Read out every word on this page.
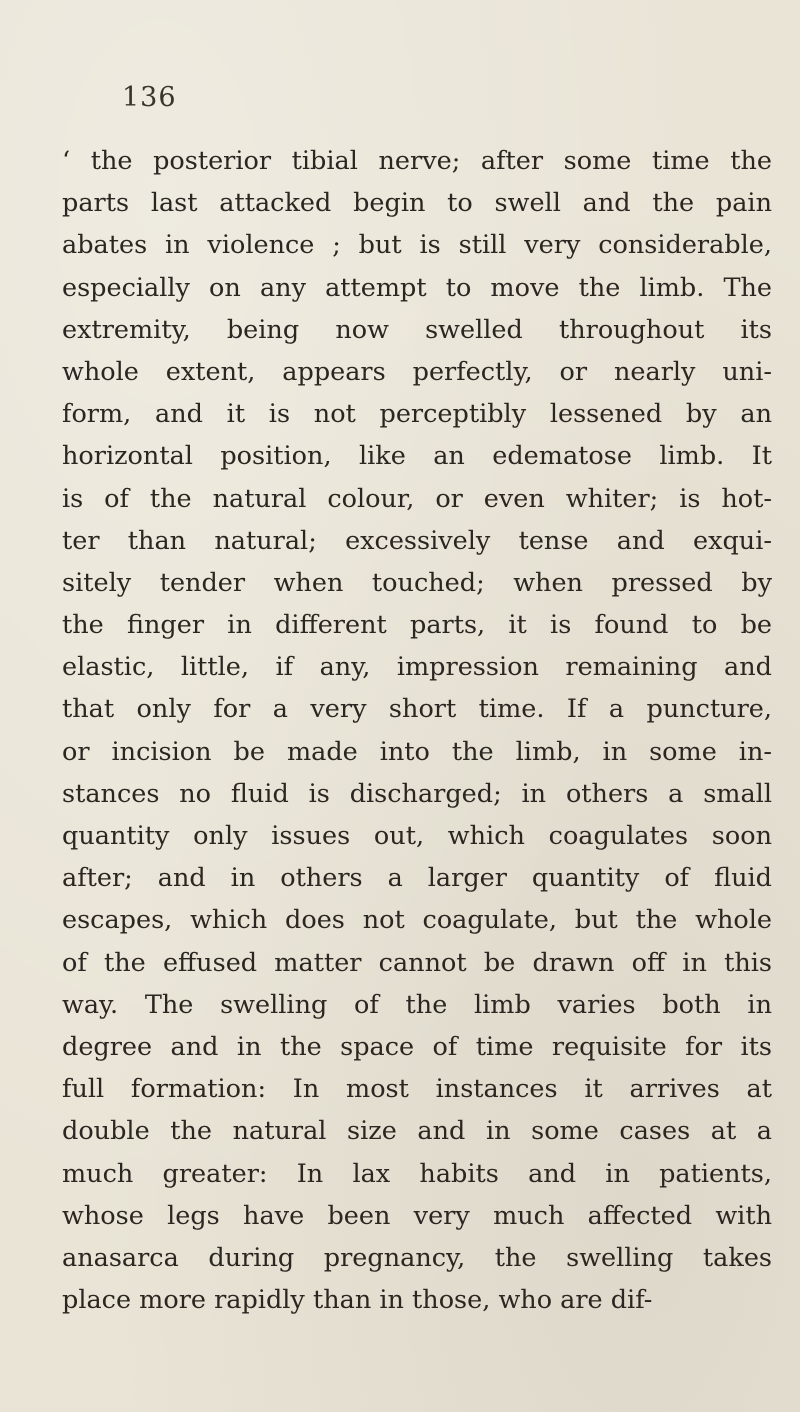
136
‘ the posterior tibial nerve; after some time the
parts last attacked begin to swell and the pain
abates in violence ; but is still very considerable,
especially on any attempt to move the limb. The
extremity, being now swelled throughout its
whole extent, appears perfectly, or nearly uni-
form, and it is not perceptibly lessened by an
horizontal position, like an edematose limb. It
is of the natural colour, or even whiter; is hot-
ter than natural; excessively tense and exqui-
sitely tender when touched; when pressed by
the finger in different parts, it is found to be
elastic, little, if any, impression remaining and
that only for a very short time. If a puncture,
or incision be made into the limb, in some in-
stances no fluid is discharged; in others a small
quantity only issues out, which coagulates soon
after; and in others a larger quantity of fluid
escapes, which does not coagulate, but the whole
of the effused matter cannot be drawn off in this
way. The swelling of the limb varies both in
degree and in the space of time requisite for its
full formation: In most instances it arrives at
double the natural size and in some cases at a
much greater: In lax habits and in patients,
whose legs have been very much affected with
anasarca during pregnancy, the swelling takes
place more rapidly than in those, who are dif-
